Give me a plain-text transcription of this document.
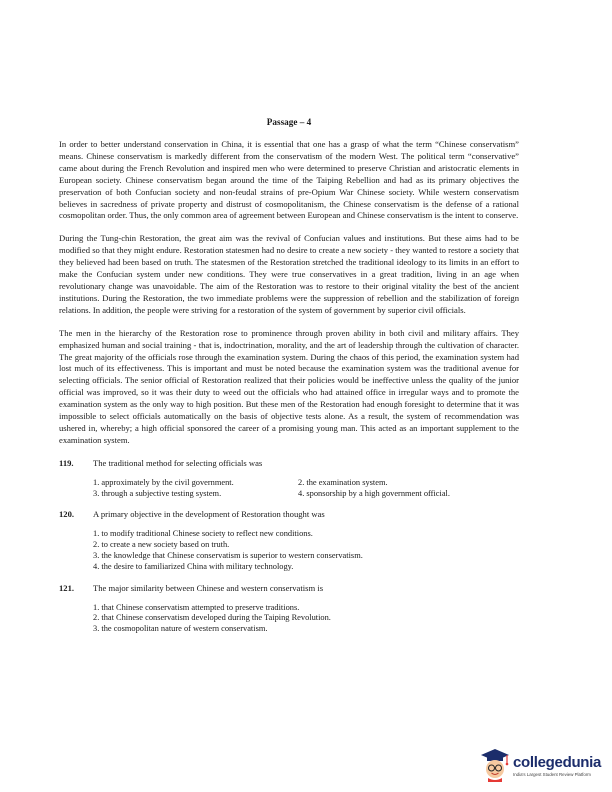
Passage – 4

In order to better understand conservation in China, it is essential that one has a grasp of what the term “Chinese conservatism” means. Chinese conservatism is markedly different from the conservatism of the modern West. The political term “conservative” came about during the French Revolution and inspired men who were determined to preserve Christian and aristocratic elements in European society. Chinese conservatism began around the time of the Taiping Rebellion and had as its primary objectives the preservation of both Confucian society and non-feudal strains of pre-Opium War Chinese society. While western conservatism believes in sacredness of private property and distrust of cosmopolitanism, the Chinese conservatism is the defense of a rational cosmopolitan order. Thus, the only common area of agreement between European and Chinese conservatism is the intent to conserve.

During the Tung-chin Restoration, the great aim was the revival of Confucian values and institutions. But these aims had to be modified so that they might endure. Restoration statesmen had no desire to create a new society - they wanted to restore a society that they believed had been based on truth. The statesmen of the Restoration stretched the traditional ideology to its limits in an effort to make the Confucian system under new conditions. They were true conservatives in a great tradition, living in an age when revolutionary change was unavoidable. The aim of the Restoration was to restore to their original vitality the best of the ancient institutions. During the Restoration, the two immediate problems were the suppression of rebellion and the stabilization of foreign relations. In addition, the people were striving for a restoration of the system of government by superior civil officials.

The men in the hierarchy of the Restoration rose to prominence through proven ability in both civil and military affairs. They emphasized human and social training - that is, indoctrination, morality, and the art of leadership through the cultivation of character. The great majority of the officials rose through the examination system. During the chaos of this period, the examination system had lost much of its effectiveness. This is important and must be noted because the examination system was the traditional avenue for selecting officials. The senior official of Restoration realized that their policies would be ineffective unless the quality of the junior official was improved, so it was their duty to weed out the officials who had attained office in irregular ways and to promote the examination system as the only way to high position. But these men of the Restoration had enough foresight to determine that it was impossible to select officials automatically on the basis of objective tests alone. As a result, the system of recommendation was ushered in, whereby; a high official sponsored the career of a promising young man. This acted as an important supplement to the examination system.

119.	The traditional method for selecting officials was
1. approximately by the civil government.	2. the examination system.
3. through a subjective testing system.	4. sponsorship by a high government official.
120.	A primary objective in the development of Restoration thought was
1. to modify traditional Chinese society to reflect new conditions.
2. to create a new society based on truth.
3. the knowledge that Chinese conservatism is superior to western conservatism.
4. the desire to familiarized China with military technology.
121.	The major similarity between Chinese and western conservatism is
1. that Chinese conservatism attempted to preserve traditions.
2. that Chinese conservatism developed during the Taiping Revolution.
3. the cosmopolitan nature of western conservatism.
collegedunia
India's Largest Student Review Platform
